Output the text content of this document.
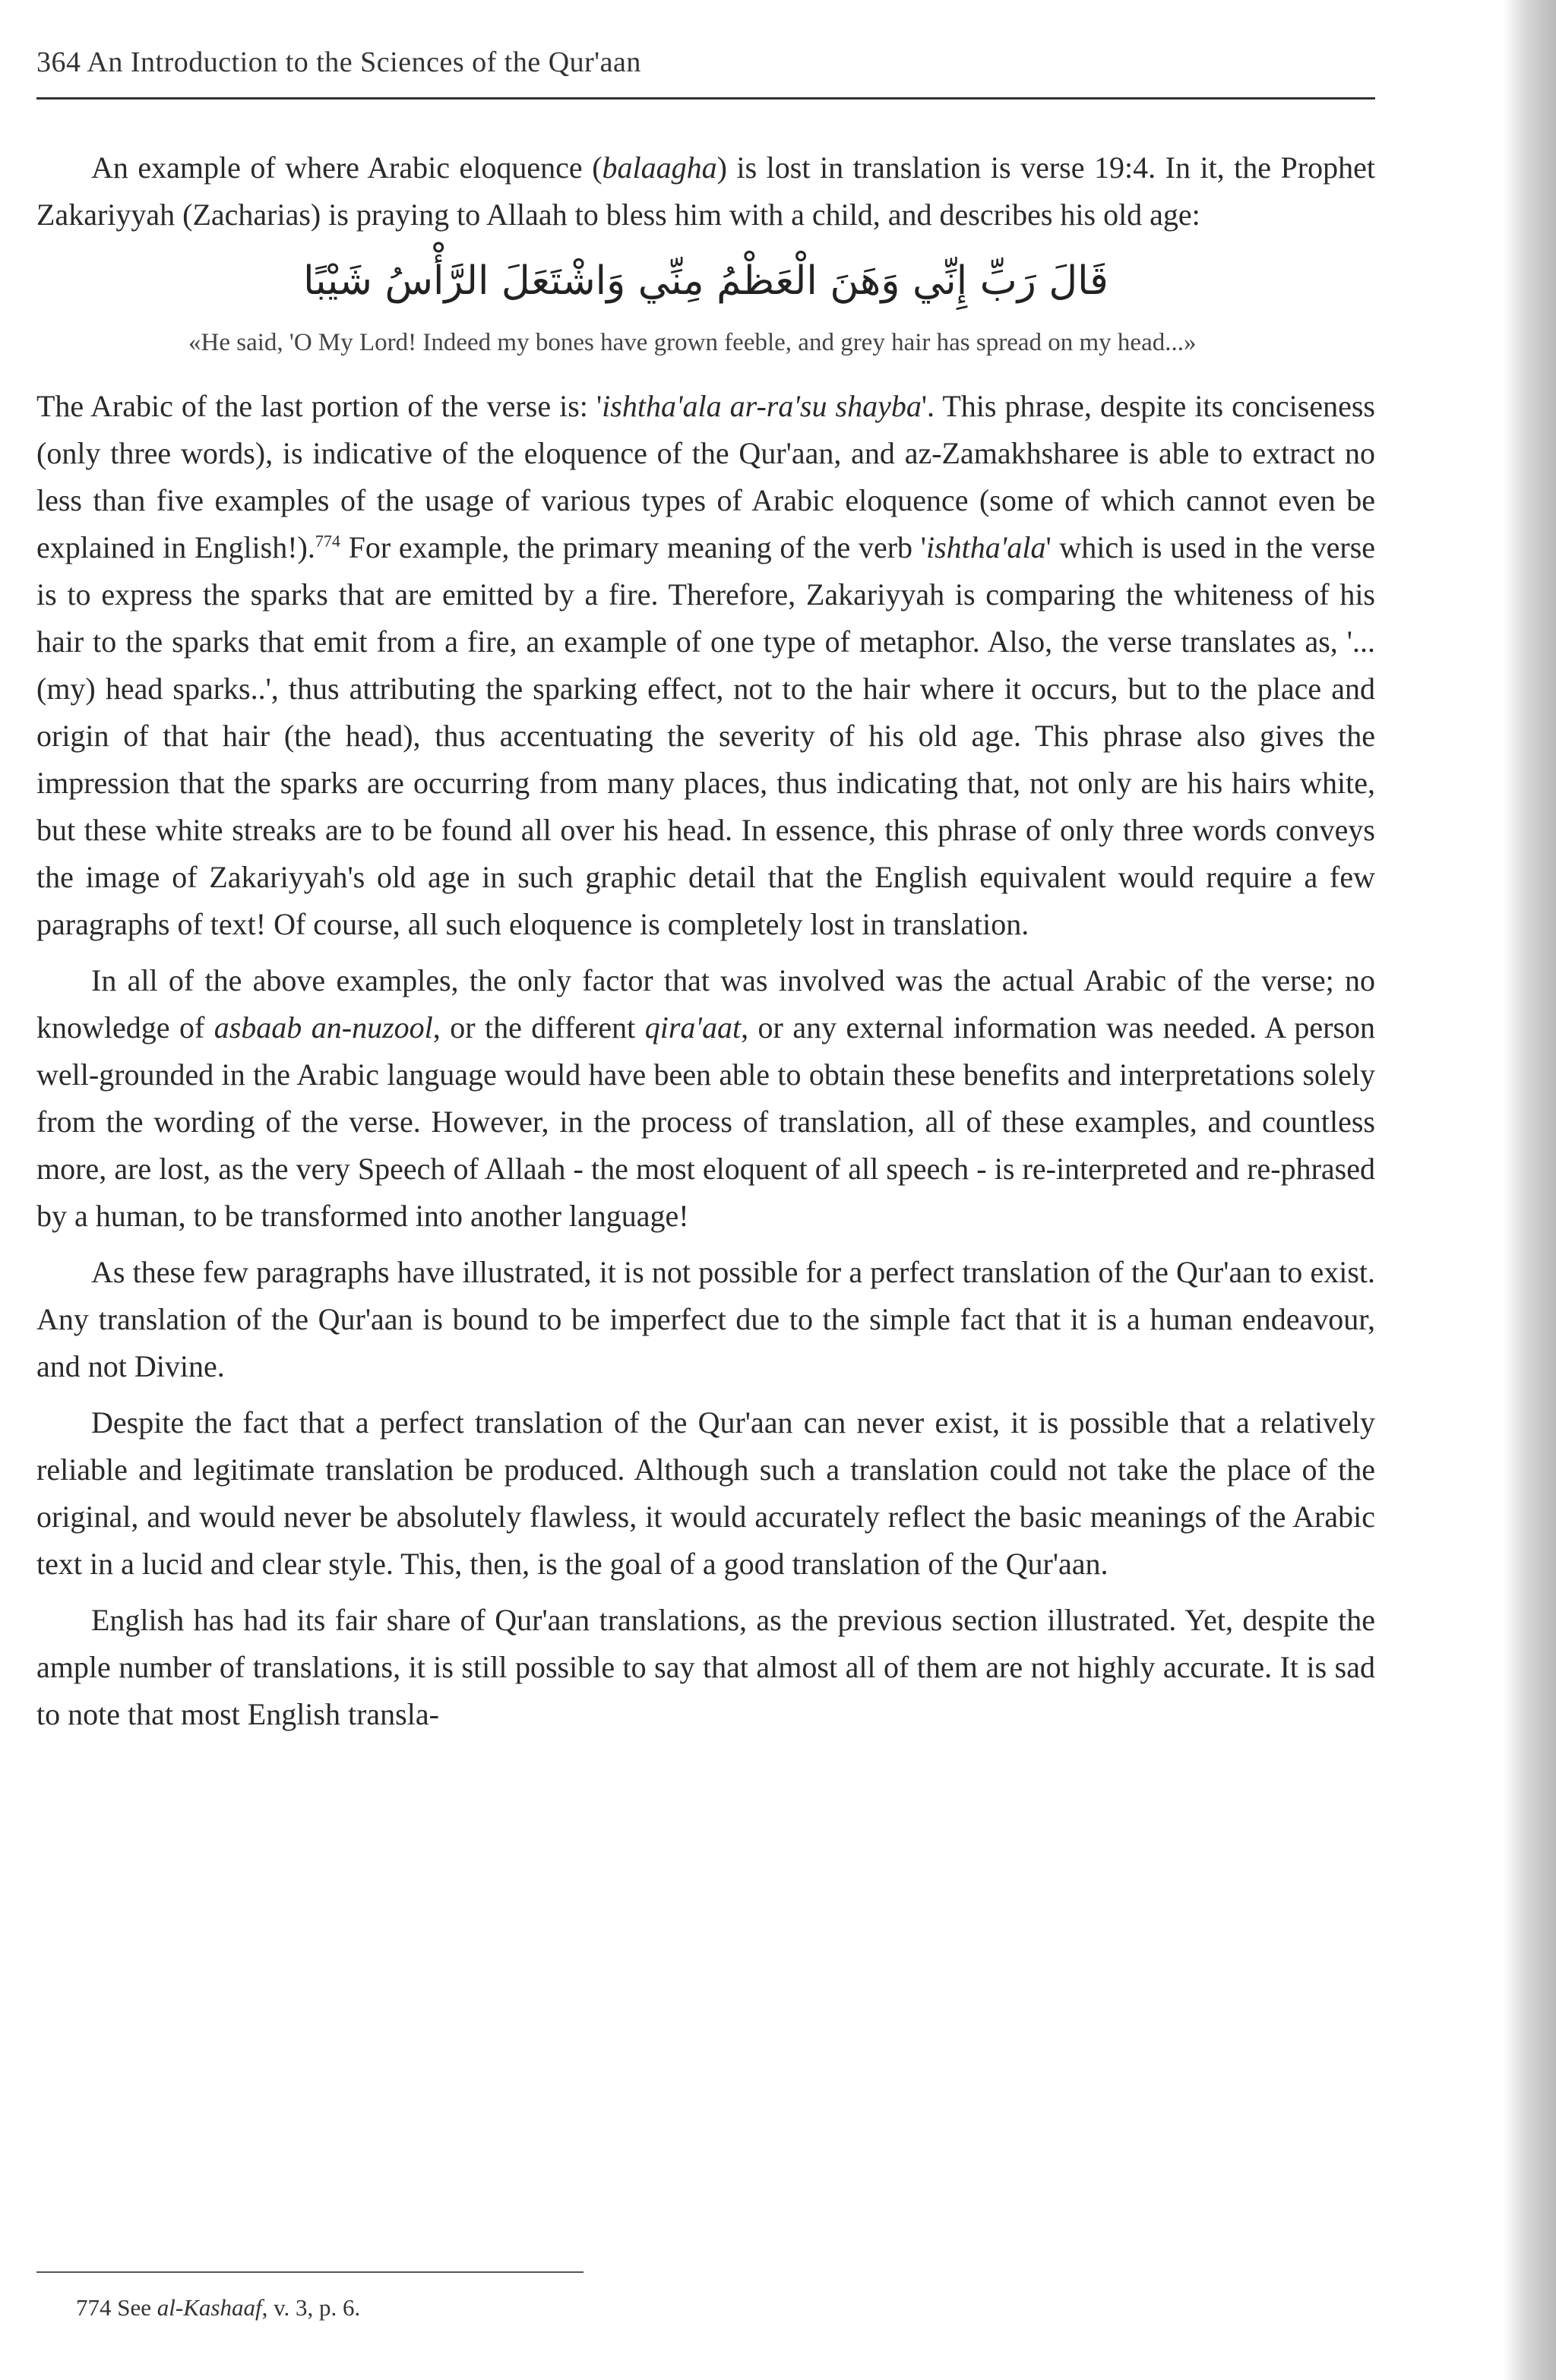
364 An Introduction to the Sciences of the Qur'aan

An example of where Arabic eloquence (balaagha) is lost in translation is verse 19:4. In it, the Prophet Zakariyyah (Zacharias) is praying to Allaah to bless him with a child, and describes his old age:

قَالَ رَبِّ إِنِّي وَهَنَ الْعَظْمُ مِنِّي وَاشْتَعَلَ الرَّأْسُ شَيْبًا
«He said, 'O My Lord! Indeed my bones have grown feeble, and grey hair has spread on my head...»

The Arabic of the last portion of the verse is: 'ishtha'ala ar-ra'su shayba'. This phrase, despite its conciseness (only three words), is indicative of the eloquence of the Qur'aan, and az-Zamakhsharee is able to extract no less than five examples of the usage of various types of Arabic eloquence (some of which cannot even be explained in English!).$^{774}$ For example, the primary meaning of the verb 'ishtha'ala' which is used in the verse is to express the sparks that are emitted by a fire. Therefore, Zakariyyah is comparing the whiteness of his hair to the sparks that emit from a fire, an example of one type of metaphor. Also, the verse translates as, '...(my) head sparks..', thus attributing the sparking effect, not to the hair where it occurs, but to the place and origin of that hair (the head), thus accentuating the severity of his old age. This phrase also gives the impression that the sparks are occurring from many places, thus indicating that, not only are his hairs white, but these white streaks are to be found all over his head. In essence, this phrase of only three words conveys the image of Zakariyyah's old age in such graphic detail that the English equivalent would require a few paragraphs of text! Of course, all such eloquence is completely lost in translation.

In all of the above examples, the only factor that was involved was the actual Arabic of the verse; no knowledge of asbaab an-nuzool, or the different qira'aat, or any external information was needed. A person well-grounded in the Arabic language would have been able to obtain these benefits and interpretations solely from the wording of the verse. However, in the process of translation, all of these examples, and countless more, are lost, as the very Speech of Allaah - the most eloquent of all speech - is re-interpreted and re-phrased by a human, to be transformed into another language!

As these few paragraphs have illustrated, it is not possible for a perfect translation of the Qur'aan to exist. Any translation of the Qur'aan is bound to be imperfect due to the simple fact that it is a human endeavour, and not Divine.

Despite the fact that a perfect translation of the Qur'aan can never exist, it is possible that a relatively reliable and legitimate translation be produced. Although such a translation could not take the place of the original, and would never be absolutely flawless, it would accurately reflect the basic meanings of the Arabic text in a lucid and clear style. This, then, is the goal of a good translation of the Qur'aan.

English has had its fair share of Qur'aan translations, as the previous section illustrated. Yet, despite the ample number of translations, it is still possible to say that almost all of them are not highly accurate. It is sad to note that most English transla-

774 See al-Kashaaf, v. 3, p. 6.
